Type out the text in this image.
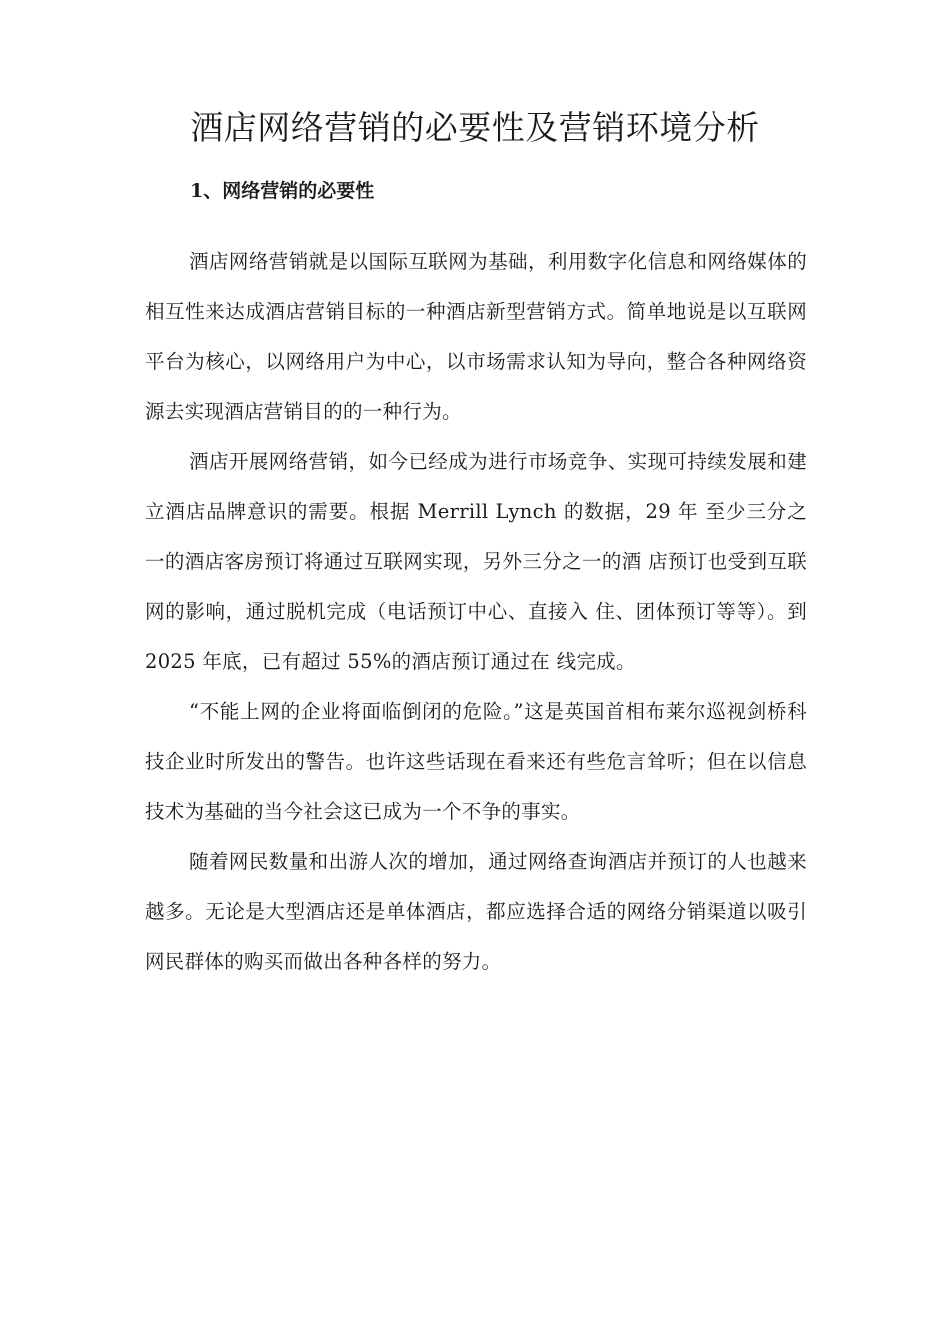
酒店网络营销的必要性及营销环境分析
1、网络营销的必要性

酒店网络营销就是以国际互联网为基础，利用数字化信息和网络媒体的相互性来达成酒店营销目标的一种酒店新型营销方式。简单地说是以互联网平台为核心，以网络用户为中心，以市场需求认知为导向，整合各种网络资源去实现酒店营销目的的一种行为。

酒店开展网络营销，如今已经成为进行市场竞争、实现可持续发展和建立酒店品牌意识的需要。根据 Merrill Lynch 的数据，29 年 至少三分之一的酒店客房预订将通过互联网实现，另外三分之一的酒 店预订也受到互联网的影响，通过脱机完成（电话预订中心、直接入 住、团体预订等等）。到 2025 年底，已有超过 55%的酒店预订通过在 线完成。

“不能上网的企业将面临倒闭的危险。”这是英国首相布莱尔巡视剑桥科技企业时所发出的警告。也许这些话现在看来还有些危言耸听；但在以信息技术为基础的当今社会这已成为一个不争的事实。

随着网民数量和出游人次的增加，通过网络查询酒店并预订的人也越来越多。无论是大型酒店还是单体酒店，都应选择合适的网络分销渠道以吸引网民群体的购买而做出各种各样的努力。
